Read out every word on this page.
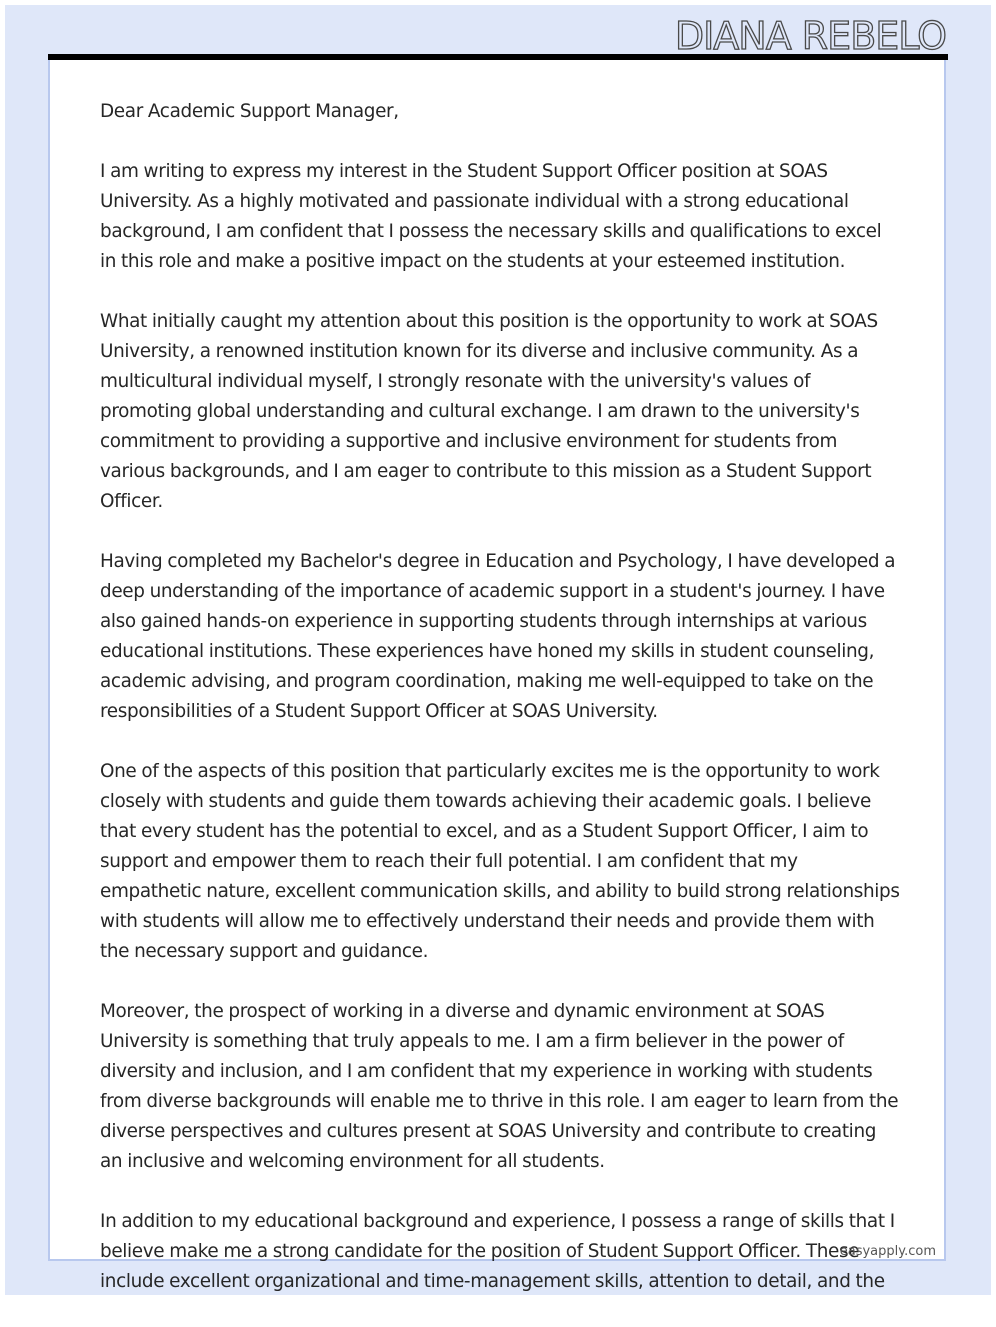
DIANA REBELO

Dear Academic Support Manager,

I am writing to express my interest in the Student Support Officer position at SOAS University. As a highly motivated and passionate individual with a strong educational background, I am confident that I possess the necessary skills and qualifications to excel in this role and make a positive impact on the students at your esteemed institution.

What initially caught my attention about this position is the opportunity to work at SOAS University, a renowned institution known for its diverse and inclusive community. As a multicultural individual myself, I strongly resonate with the university's values of promoting global understanding and cultural exchange. I am drawn to the university's commitment to providing a supportive and inclusive environment for students from various backgrounds, and I am eager to contribute to this mission as a Student Support Officer.

Having completed my Bachelor's degree in Education and Psychology, I have developed a deep understanding of the importance of academic support in a student's journey. I have also gained hands-on experience in supporting students through internships at various educational institutions. These experiences have honed my skills in student counseling, academic advising, and program coordination, making me well-equipped to take on the responsibilities of a Student Support Officer at SOAS University.

One of the aspects of this position that particularly excites me is the opportunity to work closely with students and guide them towards achieving their academic goals. I believe that every student has the potential to excel, and as a Student Support Officer, I aim to support and empower them to reach their full potential. I am confident that my empathetic nature, excellent communication skills, and ability to build strong relationships with students will allow me to effectively understand their needs and provide them with the necessary support and guidance.

Moreover, the prospect of working in a diverse and dynamic environment at SOAS University is something that truly appeals to me. I am a firm believer in the power of diversity and inclusion, and I am confident that my experience in working with students from diverse backgrounds will enable me to thrive in this role. I am eager to learn from the diverse perspectives and cultures present at SOAS University and contribute to creating an inclusive and welcoming environment for all students.

In addition to my educational background and experience, I possess a range of skills that I believe make me a strong candidate for the position of Student Support Officer. These include excellent organizational and time-management skills, attention to detail, and the

easyapply.com
